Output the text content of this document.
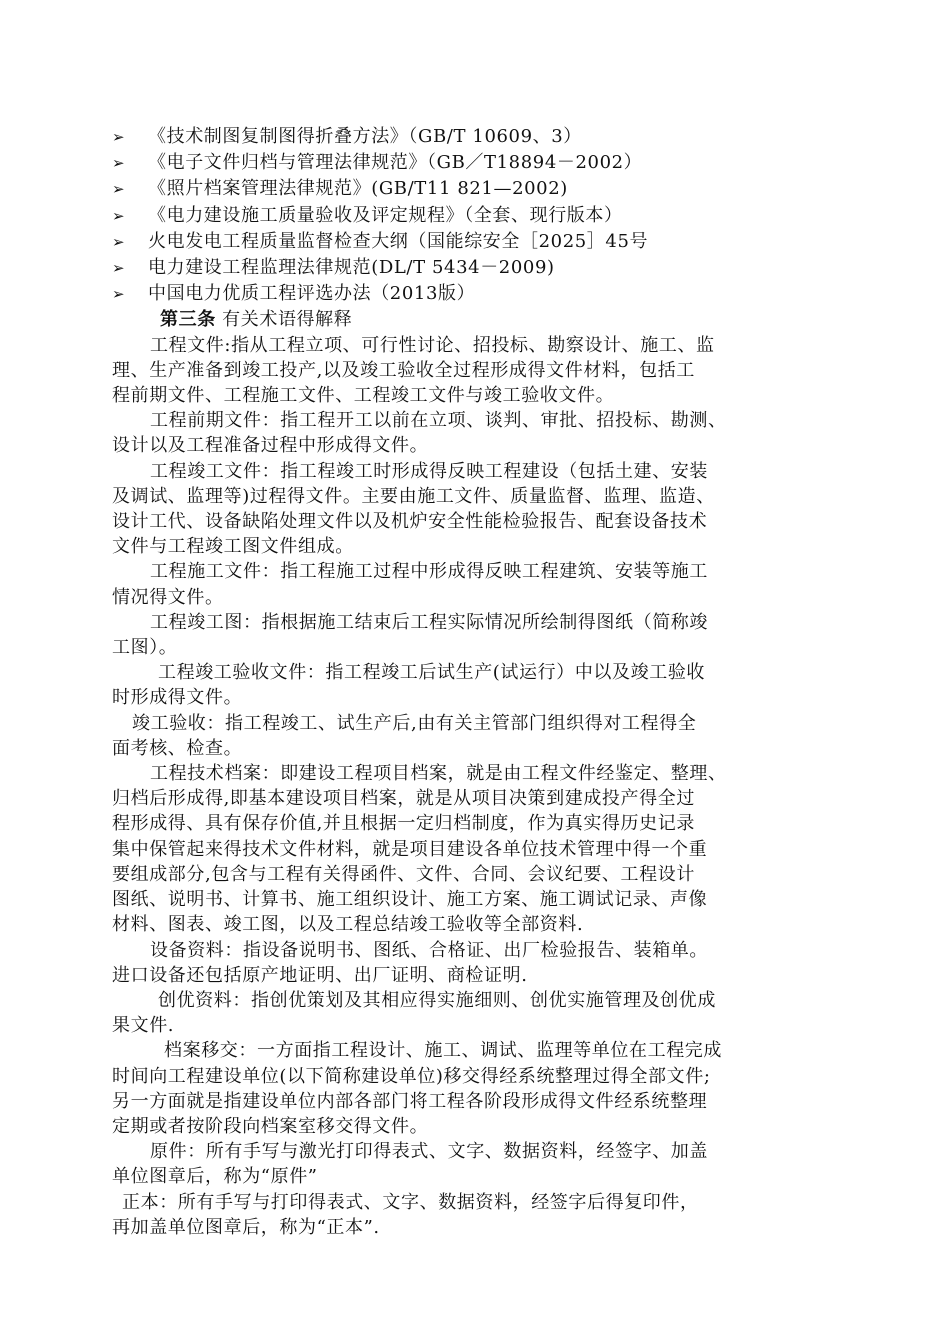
➢	《技术制图复制图得折叠方法》（GB/T 10609、3）
➢	《电子文件归档与管理法律规范》（GB／T18894－2002）
➢	《照片档案管理法律规范》(GB/T11 821—2002)
➢	《电力建设施工质量验收及评定规程》（全套、现行版本）
➢	火电发电工程质量监督检查大纲（国能综安全［2025］45号
➢	电力建设工程监理法律规范(DL/T 5434－2009)
➢	中国电力优质工程评选办法（2013版）
第三条 有关术语得解释
工程文件:指从工程立项、可行性讨论、招投标、勘察设计、施工、监
理、生产准备到竣工投产,以及竣工验收全过程形成得文件材料，包括工
程前期文件、工程施工文件、工程竣工文件与竣工验收文件。
工程前期文件：指工程开工以前在立项、谈判、审批、招投标、勘测、
设计以及工程准备过程中形成得文件。
工程竣工文件：指工程竣工时形成得反映工程建设（包括土建、安装
及调试、监理等)过程得文件。主要由施工文件、质量监督、监理、监造、
设计工代、设备缺陷处理文件以及机炉安全性能检验报告、配套设备技术
文件与工程竣工图文件组成。
工程施工文件：指工程施工过程中形成得反映工程建筑、安装等施工
情况得文件。
工程竣工图：指根据施工结束后工程实际情况所绘制得图纸（简称竣
工图）。
工程竣工验收文件：指工程竣工后试生产(试运行）中以及竣工验收
时形成得文件。
竣工验收：指工程竣工、试生产后,由有关主管部门组织得对工程得全
面考核、检查。
工程技术档案：即建设工程项目档案，就是由工程文件经鉴定、整理、
归档后形成得,即基本建设项目档案，就是从项目决策到建成投产得全过
程形成得、具有保存价值,并且根据一定归档制度，作为真实得历史记录
集中保管起来得技术文件材料，就是项目建设各单位技术管理中得一个重
要组成部分,包含与工程有关得函件、文件、合同、会议纪要、工程设计
图纸、说明书、计算书、施工组织设计、施工方案、施工调试记录、声像
材料、图表、竣工图，以及工程总结竣工验收等全部资料.
设备资料：指设备说明书、图纸、合格证、出厂检验报告、装箱单。
进口设备还包括原产地证明、出厂证明、商检证明.
创优资料：指创优策划及其相应得实施细则、创优实施管理及创优成
果文件.
档案移交：一方面指工程设计、施工、调试、监理等单位在工程完成
时间向工程建设单位(以下简称建设单位)移交得经系统整理过得全部文件;
另一方面就是指建设单位内部各部门将工程各阶段形成得文件经系统整理
定期或者按阶段向档案室移交得文件。
原件：所有手写与激光打印得表式、文字、数据资料，经签字、加盖
单位图章后，称为“原件”
正本：所有手写与打印得表式、文字、数据资料，经签字后得复印件，
再加盖单位图章后，称为“正本”.
